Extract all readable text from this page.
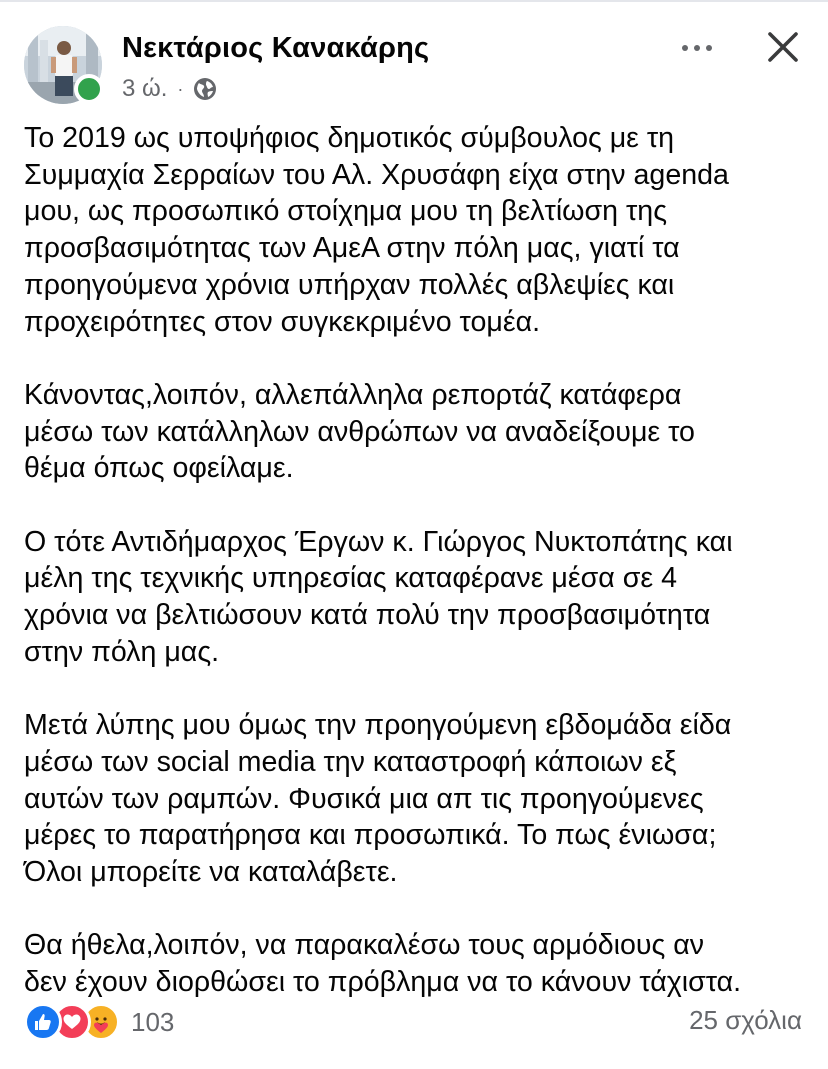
Νεκτάριος Κανακάρης
3 ώ. ·

Το 2019 ως υποψήφιος δημοτικός σύμβουλος με τη
Συμμαχία Σερραίων του Αλ. Χρυσάφη είχα στην agenda
μου, ως προσωπικό στοίχημα μου τη βελτίωση της
προσβασιμότητας των ΑμεΑ στην πόλη μας, γιατί τα
προηγούμενα χρόνια υπήρχαν πολλές αβλεψίες και
προχειρότητες στον συγκεκριμένο τομέα.

Κάνοντας,λοιπόν, αλλεπάλληλα ρεπορτάζ κατάφερα
μέσω των κατάλληλων ανθρώπων να αναδείξουμε το
θέμα όπως οφείλαμε.

Ο τότε Αντιδήμαρχος Έργων κ. Γιώργος Νυκτοπάτης και
μέλη της τεχνικής υπηρεσίας καταφέρανε μέσα σε 4
χρόνια να βελτιώσουν κατά πολύ την προσβασιμότητα
στην πόλη μας.

Μετά λύπης μου όμως την προηγούμενη εβδομάδα είδα
μέσω των social media την καταστροφή κάποιων εξ
αυτών των ραμπών. Φυσικά μια απ τις προηγούμενες
μέρες το παρατήρησα και προσωπικά. Το πως ένιωσα;
Όλοι μπορείτε να καταλάβετε.

Θα ήθελα,λοιπόν, να παρακαλέσω τους αρμόδιους αν
δεν έχουν διορθώσει το πρόβλημα να το κάνουν τάχιστα.

103	25 σχόλια
